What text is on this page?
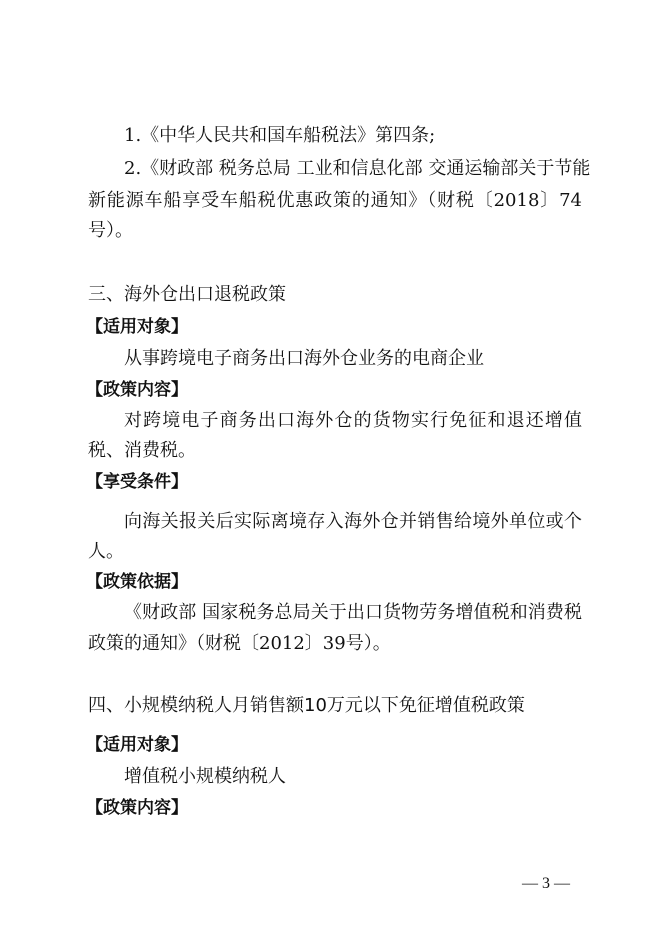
1.《中华人民共和国车船税法》第四条;
2.《财政部 税务总局 工业和信息化部 交通运输部关于节能
新能源车船享受车船税优惠政策的通知》（财税〔2018〕74
号）。
三、海外仓出口退税政策
【适用对象】
从事跨境电子商务出口海外仓业务的电商企业
【政策内容】
对跨境电子商务出口海外仓的货物实行免征和退还增值
税、消费税。
【享受条件】
向海关报关后实际离境存入海外仓并销售给境外单位或个
人。
【政策依据】
《财政部 国家税务总局关于出口货物劳务增值税和消费税
政策的通知》（财税〔2012〕39号）。
四、小规模纳税人月销售额10万元以下免征增值税政策
【适用对象】
增值税小规模纳税人
【政策内容】
— 3 —
